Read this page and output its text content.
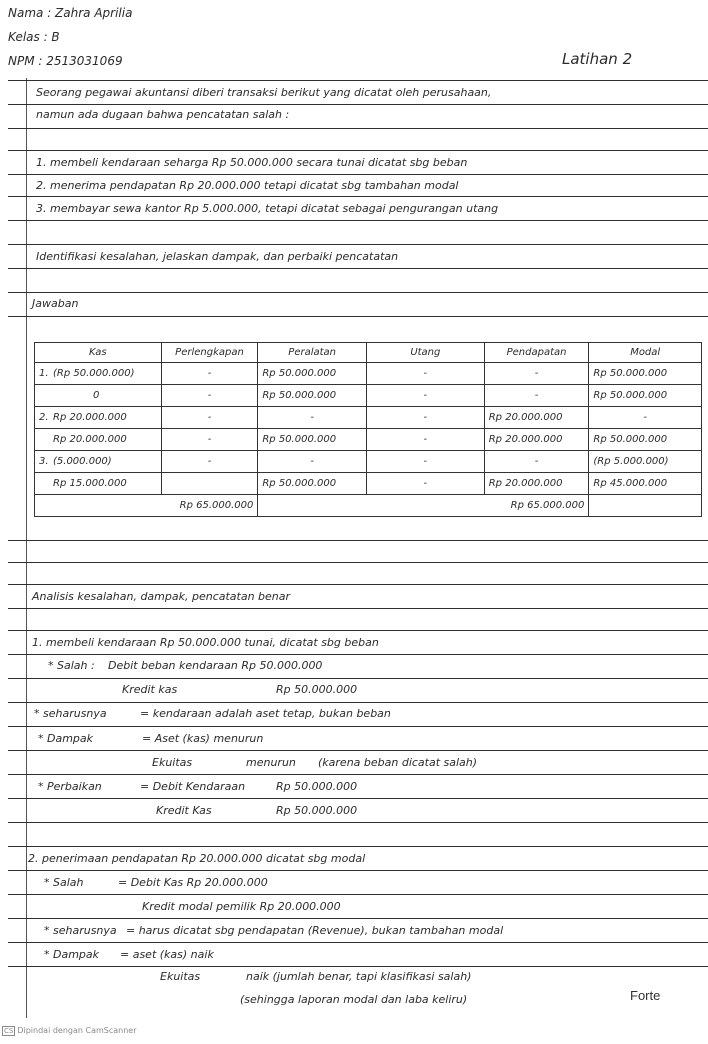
Nama : Zahra Aprilia
Kelas : B
NPM : 2513031069	Latihan 2
Seorang pegawai akuntansi diberi transaksi berikut yang dicatat oleh perusahaan,
namun ada dugaan bahwa pencatatan salah :
1. membeli kendaraan seharga Rp 50.000.000 secara tunai dicatat sbg beban
2. menerima pendapatan Rp 20.000.000 tetapi dicatat sbg tambahan modal
3. membayar sewa kantor Rp 5.000.000, tetapi dicatat sebagai pengurangan utang
Identifikasi kesalahan, jelaskan dampak, dan perbaiki pencatatan
Jawaban
Kas	Perlengkapan	Peralatan	Utang	Pendapatan	Modal
1. (Rp 50.000.000)	-	Rp 50.000.000	-	-	Rp 50.000.000
0	-	Rp 50.000.000	-	-	Rp 50.000.000
2. Rp 20.000.000	-	-	-	Rp 20.000.000	-
Rp 20.000.000	-	Rp 50.000.000	-	Rp 20.000.000	Rp 50.000.000
3. (5.000.000)	-	-	-	-	(Rp 5.000.000)
Rp 15.000.000		Rp 50.000.000	-	Rp 20.000.000	Rp 45.000.000
Rp 65.000.000		Rp 65.000.000			
Analisis kesalahan, dampak, pencatatan benar
1. membeli kendaraan Rp 50.000.000 tunai, dicatat sbg beban
* Salah : Debit beban kendaraan Rp 50.000.000
Kredit kas	Rp 50.000.000
* seharusnya	= kendaraan adalah aset tetap, bukan beban
* Dampak	= Aset (kas) menurun
Ekuitas	menurun (karena beban dicatat salah)
* Perbaikan	= Debit Kendaraan	Rp 50.000.000
Kredit Kas	Rp 50.000.000
2. penerimaan pendapatan Rp 20.000.000 dicatat sbg modal
* Salah	= Debit Kas Rp 20.000.000
Kredit modal pemilik Rp 20.000.000
* seharusnya = harus dicatat sbg pendapatan (Revenue), bukan tambahan modal
* Dampak = aset (kas) naik
Ekuitas	naik (jumlah benar, tapi klasifikasi salah)
(sehingga laporan modal dan laba keliru)	Forte
CS Dipindai dengan CamScanner
